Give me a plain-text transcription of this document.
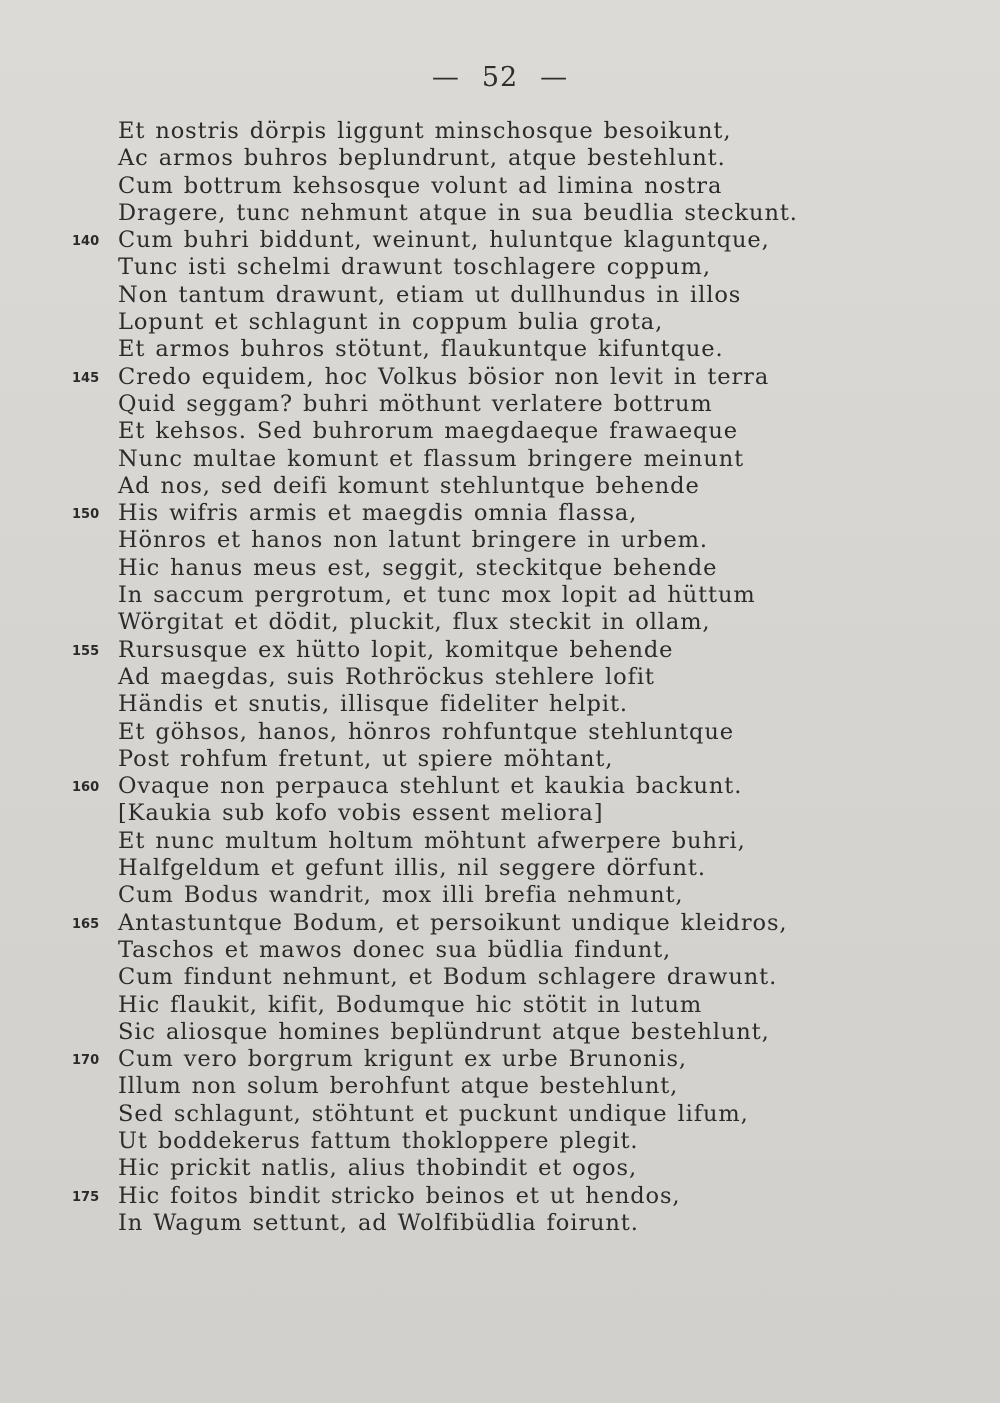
— 52 —
Et nostris dörpis liggunt minschosque besoikunt,
Ac armos buhros beplundrunt, atque bestehlunt.
Cum bottrum kehsosque volunt ad limina nostra
Dragere, tunc nehmunt atque in sua beudlia steckunt.
140 Cum buhri biddunt, weinunt, huluntque klaguntque,
Tunc isti schelmi drawunt toschlagere coppum,
Non tantum drawunt, etiam ut dullhundus in illos
Lopunt et schlagunt in coppum bulia grota,
Et armos buhros stötunt, flaukuntque kifuntque.
145 Credo equidem, hoc Volkus bösior non levit in terra
Quid seggam? buhri möthunt verlatere bottrum
Et kehsos. Sed buhrorum maegdaeque frawaeque
Nunc multae komunt et flassum bringere meinunt
Ad nos, sed deifi komunt stehluntque behende
150 His wifris armis et maegdis omnia flassa,
Hönros et hanos non latunt bringere in urbem.
Hic hanus meus est, seggit, steckitque behende
In saccum pergrotum, et tunc mox lopit ad hüttum
Wörgitat et dödit, pluckit, flux steckit in ollam,
155 Rursusque ex hütto lopit, komitque behende
Ad maegdas, suis Rothröckus stehlere lofit
Händis et snutis, illisque fideliter helpit.
Et göhsos, hanos, hönros rohfuntque stehluntque
Post rohfum fretunt, ut spiere möhtant,
160 Ovaque non perpauca stehlunt et kaukia backunt.
[Kaukia sub kofo vobis essent meliora]
Et nunc multum holtum möhtunt afwerpere buhri,
Halfgeldum et gefunt illis, nil seggere dörfunt.
Cum Bodus wandrit, mox illi brefia nehmunt,
165 Antastuntque Bodum, et persoikunt undique kleidros,
Taschos et mawos donec sua büdlia findunt,
Cum findunt nehmunt, et Bodum schlagere drawunt.
Hic flaukit, kifit, Bodumque hic stötit in lutum
Sic aliosque homines beplündrunt atque bestehlunt,
170 Cum vero borgrum krigunt ex urbe Brunonis,
Illum non solum berohfunt atque bestehlunt,
Sed schlagunt, stöhtunt et puckunt undique lifum,
Ut boddekerus fattum thokloppere plegit.
Hic prickit natlis, alius thobindit et ogos,
175 Hic foitos bindit stricko beinos et ut hendos,
In Wagum settunt, ad Wolfibüdlia foirunt.
